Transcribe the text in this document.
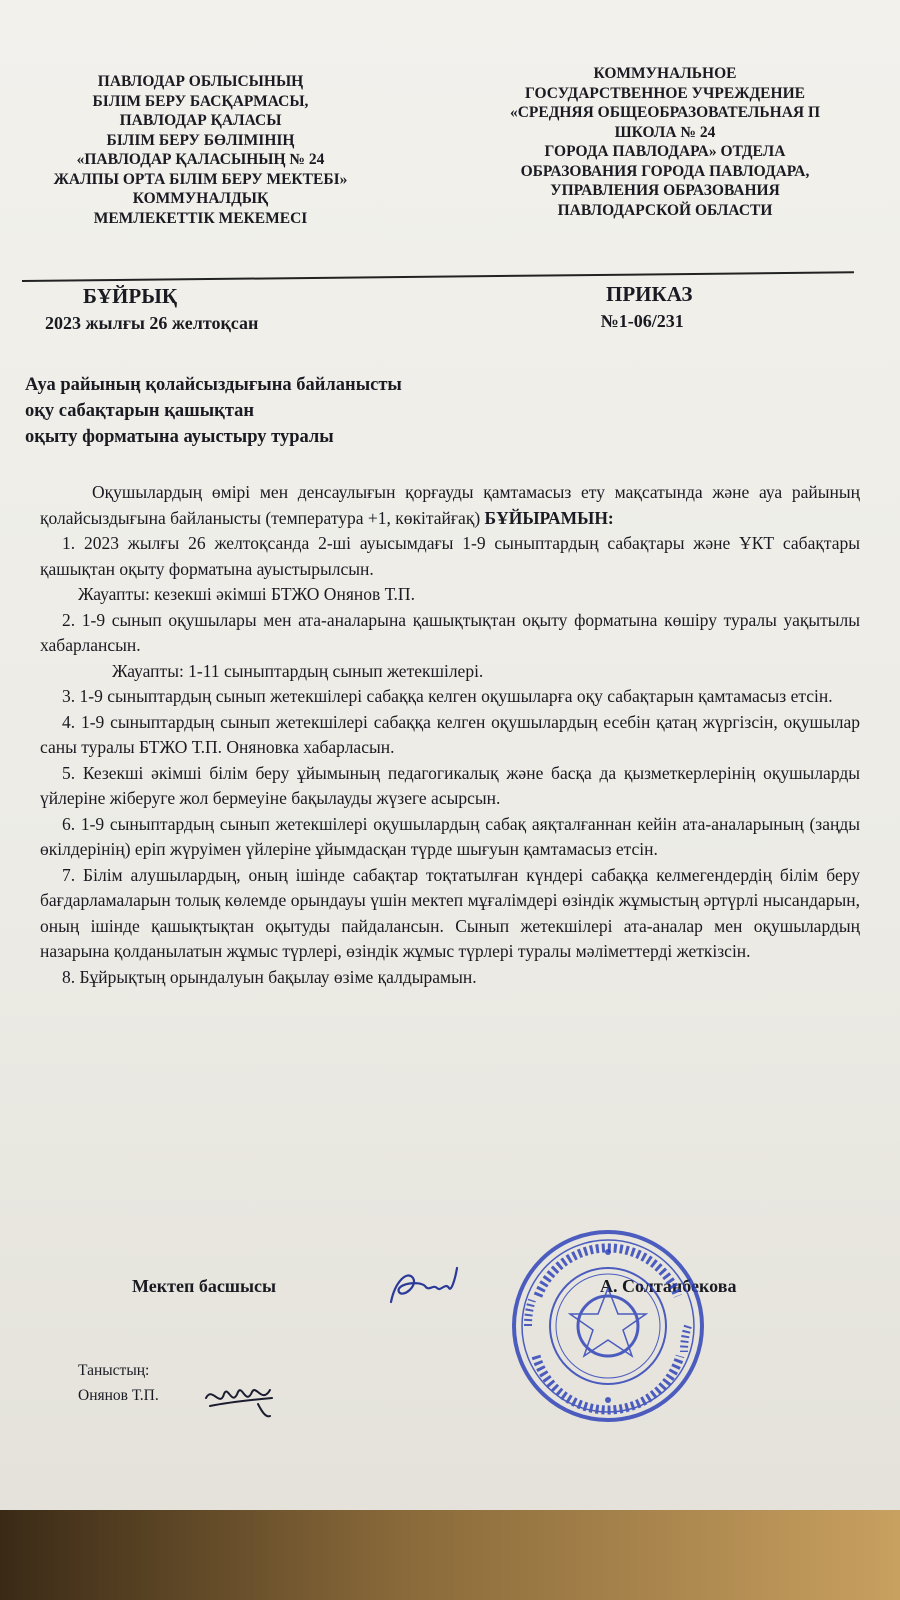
ПАВЛОДАР ОБЛЫСЫНЫҢ
БІЛІМ БЕРУ БАСҚАРМАСЫ,
ПАВЛОДАР ҚАЛАСЫ
БІЛІМ БЕРУ БӨЛІМІНІҢ
«ПАВЛОДАР ҚАЛАСЫНЫҢ № 24
ЖАЛПЫ ОРТА БІЛІМ БЕРУ МЕКТЕБІ»
КОММУНАЛДЫҚ
МЕМЛЕКЕТТІК МЕКЕМЕСІ
КОММУНАЛЬНОЕ
ГОСУДАРСТВЕННОЕ УЧРЕЖДЕНИЕ
«СРЕДНЯЯ ОБЩЕОБРАЗОВАТЕЛЬНАЯ П
ШКОЛА № 24
ГОРОДА ПАВЛОДАРА» ОТДЕЛА
ОБРАЗОВАНИЯ ГОРОДА ПАВЛОДАРА,
УПРАВЛЕНИЯ ОБРАЗОВАНИЯ
ПАВЛОДАРСКОЙ ОБЛАСТИ
БҰЙРЫҚ
2023 жылғы 26 желтоқсан
ПРИКАЗ
№1-06/231
Ауа райының қолайсыздығына байланысты
оқу сабақтарын қашықтан
оқыту форматына ауыстыру туралы

Оқушылардың өмірі мен денсаулығын қорғауды қамтамасыз ету мақсатында және ауа райының қолайсыздығына байланысты (температура +1, көкітайғақ) БҰЙЫРАМЫН:

1. 2023 жылғы 26 желтоқсанда 2-ші ауысымдағы 1-9 сыныптардың сабақтары және ҰКТ сабақтары қашықтан оқыту форматына ауыстырылсын.

Жауапты: кезекші әкімші БТЖО Онянов Т.П.

2. 1-9 сынып оқушылары мен ата-аналарына қашықтықтан оқыту форматына көшіру туралы уақытылы хабарлансын.

Жауапты: 1-11 сыныптардың сынып жетекшілері.

3. 1-9 сыныптардың сынып жетекшілері сабаққа келген оқушыларға оқу сабақтарын қамтамасыз етсін.

4. 1-9 сыныптардың сынып жетекшілері сабаққа келген оқушылардың есебін қатаң жүргізсін, оқушылар саны туралы БТЖО Т.П. Оняновка хабарласын.

5. Кезекші әкімші білім беру ұйымының педагогикалық және басқа да қызметкерлерінің оқушыларды үйлеріне жіберуге жол бермеуіне бақылауды жүзеге асырсын.

6. 1-9 сыныптардың сынып жетекшілері оқушылардың сабақ аяқталғаннан кейін ата-аналарының (заңды өкілдерінің) еріп жүруімен үйлеріне ұйымдасқан түрде шығуын қамтамасыз етсін.

7. Білім алушылардың, оның ішінде сабақтар тоқтатылған күндері сабаққа келмегендердің білім беру бағдарламаларын толық көлемде орындауы үшін мектеп мұғалімдері өзіндік жұмыстың әртүрлі нысандарын, оның ішінде қашықтықтан оқытуды пайдалансын. Сынып жетекшілері ата-аналар мен оқушылардың назарына қолданылатын жұмыс түрлері, өзіндік жұмыс түрлері туралы мәліметтерді жеткізсін.

8. Бұйрықтың орындалуын бақылау өзіме қалдырамын.

Мектеп басшысы	А. Солтанбекова
Таныстың:
Онянов Т.П.
